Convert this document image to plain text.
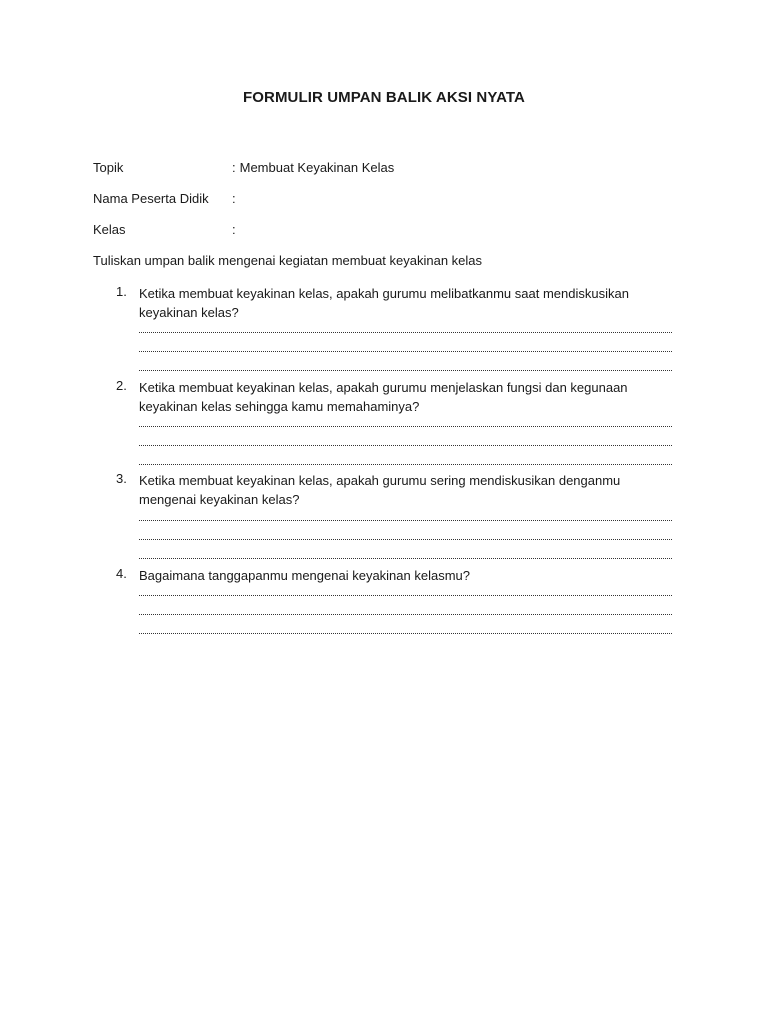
FORMULIR UMPAN BALIK AKSI NYATA
Topik	: Membuat Keyakinan Kelas
Nama Peserta Didik :
Kelas	:
Tuliskan umpan balik mengenai kegiatan membuat keyakinan kelas
1. Ketika membuat keyakinan kelas, apakah gurumu melibatkanmu saat mendiskusikan
keyakinan kelas?
2. Ketika membuat keyakinan kelas, apakah gurumu menjelaskan fungsi dan kegunaan
keyakinan kelas sehingga kamu memahaminya?
3. Ketika membuat keyakinan kelas, apakah gurumu sering mendiskusikan denganmu
mengenai keyakinan kelas?
4. Bagaimana tanggapanmu mengenai keyakinan kelasmu?
